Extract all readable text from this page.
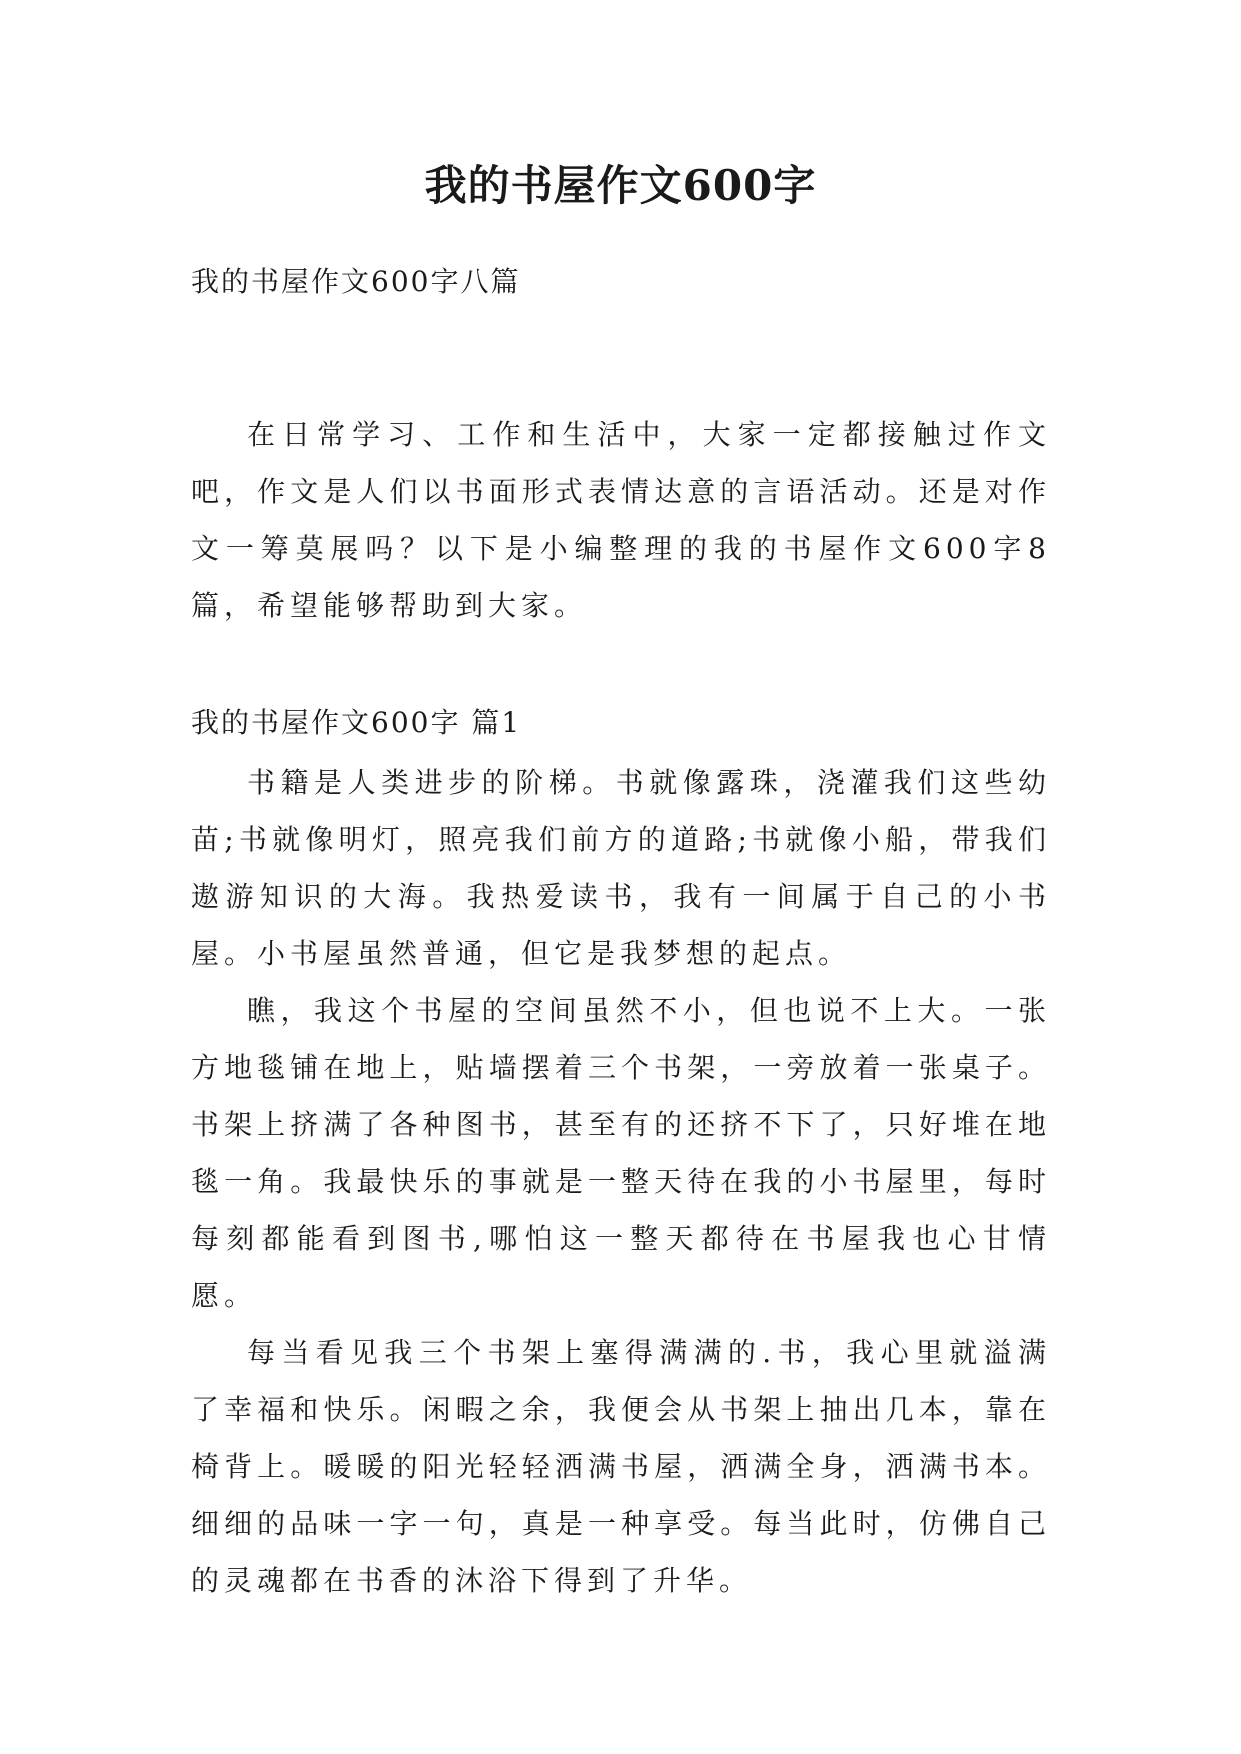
我的书屋作文600字
我的书屋作文600字八篇

在日常学习、工作和生活中，大家一定都接触过作文吧，作文是人们以书面形式表情达意的言语活动。还是对作文一筹莫展吗？以下是小编整理的我的书屋作文600字8篇，希望能够帮助到大家。

我的书屋作文600字 篇1

书籍是人类进步的阶梯。书就像露珠，浇灌我们这些幼苗;书就像明灯，照亮我们前方的道路;书就像小船，带我们遨游知识的大海。我热爱读书，我有一间属于自己的小书屋。小书屋虽然普通，但它是我梦想的起点。

瞧，我这个书屋的空间虽然不小，但也说不上大。一张方地毯铺在地上，贴墙摆着三个书架，一旁放着一张桌子。书架上挤满了各种图书，甚至有的还挤不下了，只好堆在地毯一角。我最快乐的事就是一整天待在我的小书屋里，每时每刻都能看到图书,哪怕这一整天都待在书屋我也心甘情愿。

每当看见我三个书架上塞得满满的.书，我心里就溢满了幸福和快乐。闲暇之余，我便会从书架上抽出几本，靠在椅背上。暖暖的阳光轻轻洒满书屋，洒满全身，洒满书本。细细的品味一字一句，真是一种享受。每当此时，仿佛自己的灵魂都在书香的沐浴下得到了升华。
